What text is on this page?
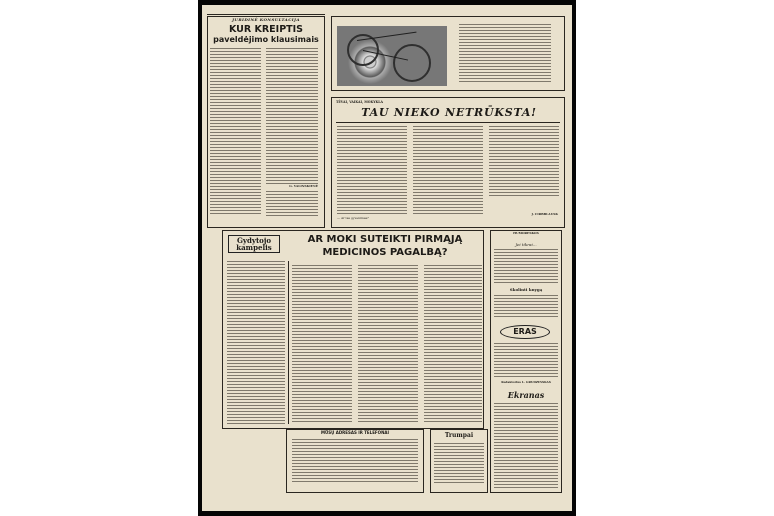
JURIDINĖ KONSULTACIJA
KUR KREIPTIS
paveldėjimo klausimais
G. VALINSKIENĖ
TĖVAI, VAIKAI, MOKYKLA
TAU NIEKO NETRŪKSTA!
J. CIRBBLAUSK
— Ar tas gyvenimas?
Gydytojo kampelis
AR MOKI SUTEIKTI PIRMĄJĄ
MEDICINOS PAGALBĄ?
MŪSŲ ADRESAS IR TELEFONAI	Trumpai
HUMORESKOS
Jei tikrai...
Skolinti knygą
ERAS
Redaktorius L. GRUDZINSKAS
Ekranas
